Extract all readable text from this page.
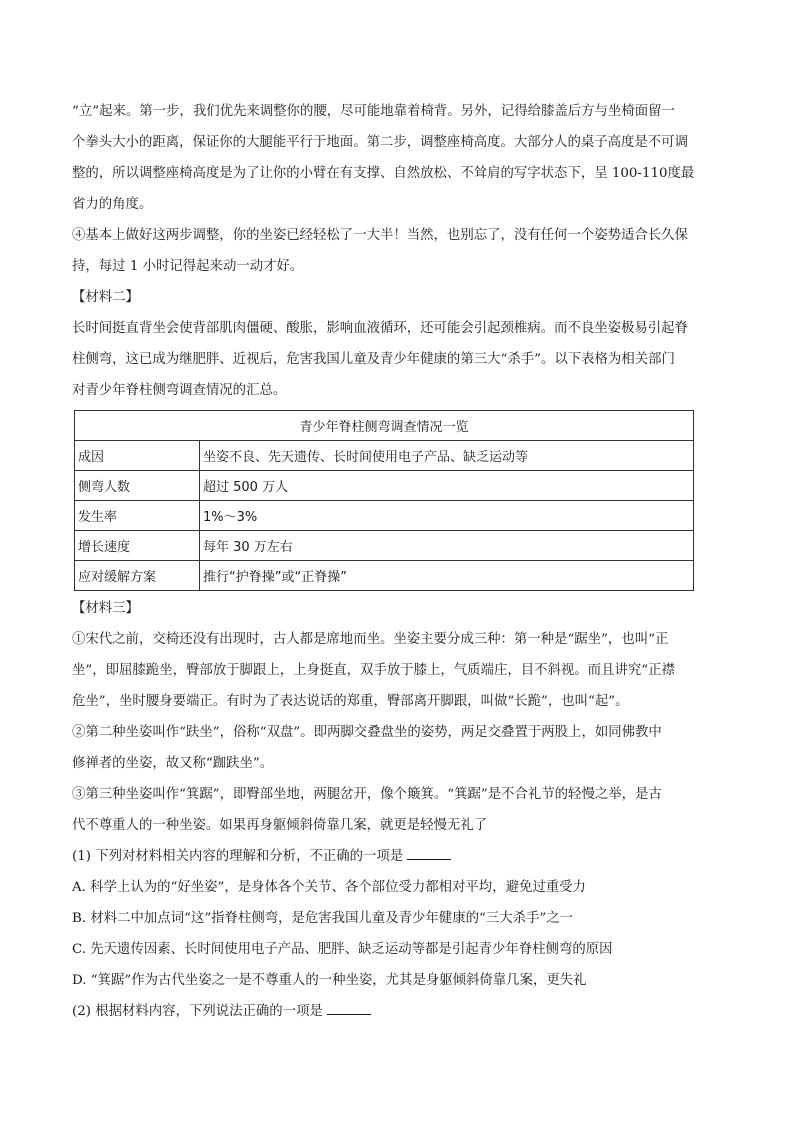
“立”起来。第一步，我们优先来调整你的腰，尽可能地靠着椅背。另外，记得给膝盖后方与坐椅面留一
个拳头大小的距离，保证你的大腿能平行于地面。第二步，调整座椅高度。大部分人的桌子高度是不可调
整的，所以调整座椅高度是为了让你的小臂在有支撑、自然放松、不耸肩的写字状态下，呈 100-110度最
省力的角度。
④基本上做好这两步调整，你的坐姿已经轻松了一大半！当然，也别忘了，没有任何一个姿势适合长久保
持，每过 1 小时记得起来动一动才好。
【材料二】
长时间挺直背坐会使背部肌肉僵硬、酸胀，影响血液循环，还可能会引起颈椎病。而不良坐姿极易引起脊
柱侧弯，这已成为继肥胖、近视后，危害我国儿童及青少年健康的第三大“杀手”。以下表格为相关部门
对青少年脊柱侧弯调查情况的汇总。
青少年脊柱侧弯调查情况一览	
成因	坐姿不良、先天遗传、长时间使用电子产品、缺乏运动等
侧弯人数	超过 500 万人
发生率	1%～3%
增长速度	每年 30 万左右
应对缓解方案	推行“护脊操”或“正脊操”
【材料三】
①宋代之前，交椅还没有出现时，古人都是席地而坐。坐姿主要分成三种：第一种是“踞坐”，也叫“正
坐”，即屈膝跪坐，臀部放于脚跟上，上身挺直，双手放于膝上，气质端庄，目不斜视。而且讲究“正襟
危坐”，坐时腰身要端正。有时为了表达说话的郑重，臀部离开脚跟，叫做“长跪”，也叫“起”。
②第二种坐姿叫作“趺坐”，俗称“双盘”。即两脚交叠盘坐的姿势，两足交叠置于两股上，如同佛教中
修禅者的坐姿，故又称“跏趺坐”。
③第三种坐姿叫作“箕踞”，即臀部坐地，两腿岔开，像个簸箕。“箕踞”是不合礼节的轻慢之举，是古
代不尊重人的一种坐姿。如果再身躯倾斜倚靠几案，就更是轻慢无礼了
(1) 下列对材料相关内容的理解和分析，不正确的一项是
A. 科学上认为的“好坐姿”，是身体各个关节、各个部位受力都相对平均，避免过重受力
B. 材料二中加点词“这”指脊柱侧弯，是危害我国儿童及青少年健康的“三大杀手”之一
C. 先天遗传因素、长时间使用电子产品、肥胖、缺乏运动等都是引起青少年脊柱侧弯的原因
D. “箕踞”作为古代坐姿之一是不尊重人的一种坐姿，尤其是身躯倾斜倚靠几案，更失礼
(2) 根据材料内容，下列说法正确的一项是
